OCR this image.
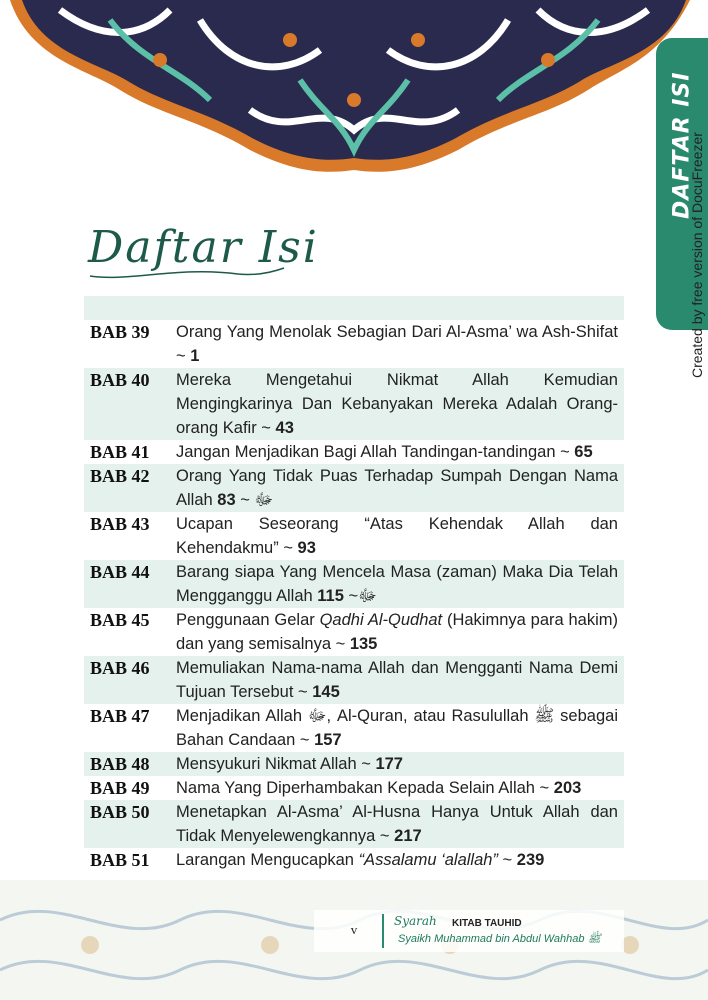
DAFTAR ISI
Created by free version of DocuFreezer
Daftar Isi
BAB 39	Orang Yang Menolak Sebagian Dari Al-Asma’ wa Ash-Shifat ~ 1
BAB 40	Mereka Mengetahui Nikmat Allah Kemudian Mengingkarinya Dan Kebanyakan Mereka Adalah Orang-orang Kafir ~ 43
BAB 41	Jangan Menjadikan Bagi Allah Tandingan-tandingan ~ 65
BAB 42	Orang Yang Tidak Puas Terhadap Sumpah Dengan Nama Allah ﷻ ~ 83
BAB 43	Ucapan Seseorang “Atas Kehendak Allah dan Kehendakmu” ~ 93
BAB 44	Barang siapa Yang Mencela Masa (zaman) Maka Dia Telah Mengganggu Allah ﷻ~ 115
BAB 45	Penggunaan Gelar Qadhi Al-Qudhat (Hakimnya para hakim) dan yang semisalnya ~ 135
BAB 46	Memuliakan Nama-nama Allah dan Mengganti Nama Demi Tujuan Tersebut ~ 145
BAB 47	Menjadikan Allah ﷻ, Al-Quran, atau Rasulullah ﷺ sebagai Bahan Candaan ~ 157
BAB 48	Mensyukuri Nikmat Allah ~ 177
BAB 49	Nama Yang Diperhambakan Kepada Selain Allah ~ 203
BAB 50	Menetapkan Al-Asma’ Al-Husna Hanya Untuk Allah dan Tidak Menyelewengkannya ~ 217
BAB 51	Larangan Mengucapkan “Assalamu ‘alallah” ~ 239
v
Syarah	KITAB TAUHID
Syaikh Muhammad bin Abdul Wahhab ﷺ
